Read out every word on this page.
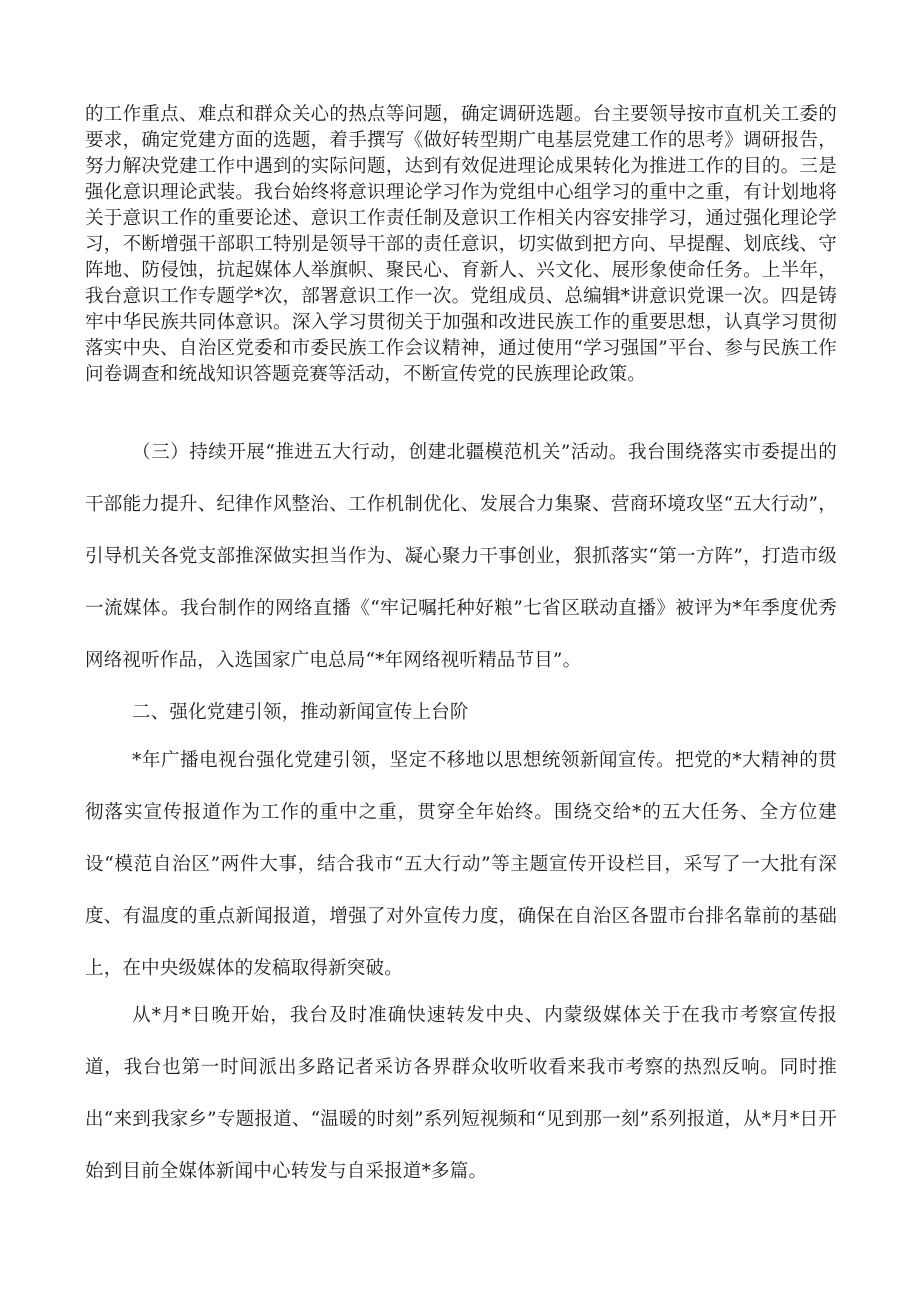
的工作重点、难点和群众关心的热点等问题，确定调研选题。台主要领导按市直机关工委的要求，确定党建方面的选题，着手撰写《做好转型期广电基层党建工作的思考》调研报告，努力解决党建工作中遇到的实际问题，达到有效促进理论成果转化为推进工作的目的。三是强化意识理论武装。我台始终将意识理论学习作为党组中心组学习的重中之重，有计划地将关于意识工作的重要论述、意识工作责任制及意识工作相关内容安排学习，通过强化理论学习，不断增强干部职工特别是领导干部的责任意识，切实做到把方向、早提醒、划底线、守阵地、防侵蚀，抗起媒体人举旗帜、聚民心、育新人、兴文化、展形象使命任务。上半年，我台意识工作专题学*次，部署意识工作一次。党组成员、总编辑*讲意识党课一次。四是铸牢中华民族共同体意识。深入学习贯彻关于加强和改进民族工作的重要思想，认真学习贯彻落实中央、自治区党委和市委民族工作会议精神，通过使用“学习强国”平台、参与民族工作问卷调查和统战知识答题竞赛等活动，不断宣传党的民族理论政策。

（三）持续开展“推进五大行动，创建北疆模范机关”活动。我台围绕落实市委提出的干部能力提升、纪律作风整治、工作机制优化、发展合力集聚、营商环境攻坚“五大行动”，引导机关各党支部推深做实担当作为、凝心聚力干事创业，狠抓落实“第一方阵”，打造市级一流媒体。我台制作的网络直播《“牢记嘱托种好粮”七省区联动直播》被评为*年季度优秀网络视听作品，入选国家广电总局“*年网络视听精品节目”。

二、强化党建引领，推动新闻宣传上台阶

*年广播电视台强化党建引领，坚定不移地以思想统领新闻宣传。把党的*大精神的贯彻落实宣传报道作为工作的重中之重，贯穿全年始终。围绕交给*的五大任务、全方位建设“模范自治区”两件大事，结合我市“五大行动”等主题宣传开设栏目，采写了一大批有深度、有温度的重点新闻报道，增强了对外宣传力度，确保在自治区各盟市台排名靠前的基础上，在中央级媒体的发稿取得新突破。

从*月*日晚开始，我台及时准确快速转发中央、内蒙级媒体关于在我市考察宣传报道，我台也第一时间派出多路记者采访各界群众收听收看来我市考察的热烈反响。同时推出“来到我家乡”专题报道、“温暖的时刻”系列短视频和“见到那一刻”系列报道，从*月*日开始到目前全媒体新闻中心转发与自采报道*多篇。
